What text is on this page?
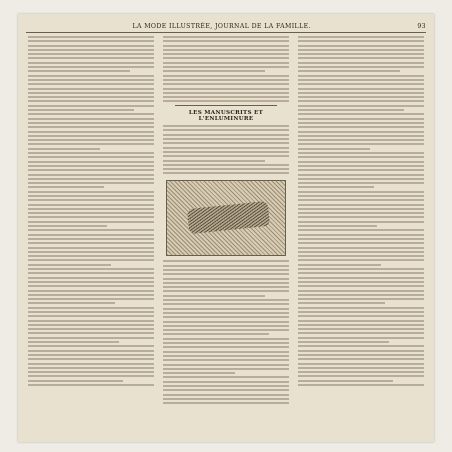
LA MODE ILLUSTRÉE, JOURNAL DE LA FAMILLE.	93
LES MANUSCRITS ET L'ENLUMINURE
